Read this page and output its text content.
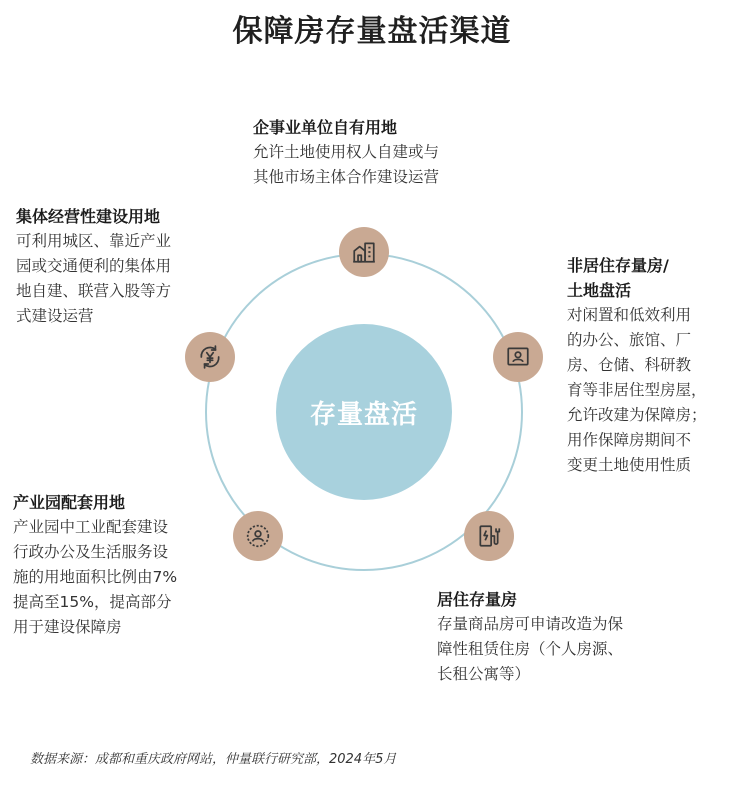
保障房存量盘活渠道
存量盘活
企事业单位自有用地
允许土地使用权人自建或与
其他市场主体合作建设运营
集体经营性建设用地
可利用城区、靠近产业
园或交通便利的集体用
地自建、联营入股等方
式建设运营
非居住存量房/
土地盘活
对闲置和低效利用
的办公、旅馆、厂
房、仓储、科研教
育等非居住型房屋，
允许改建为保障房；
用作保障房期间不
变更土地使用性质
产业园配套用地
产业园中工业配套建设
行政办公及生活服务设
施的用地面积比例由7%
提高至15%，提高部分
用于建设保障房
居住存量房
存量商品房可申请改造为保
障性租赁住房（个人房源、
长租公寓等）
数据来源：成都和重庆政府网站，仲量联行研究部，2024年5月
